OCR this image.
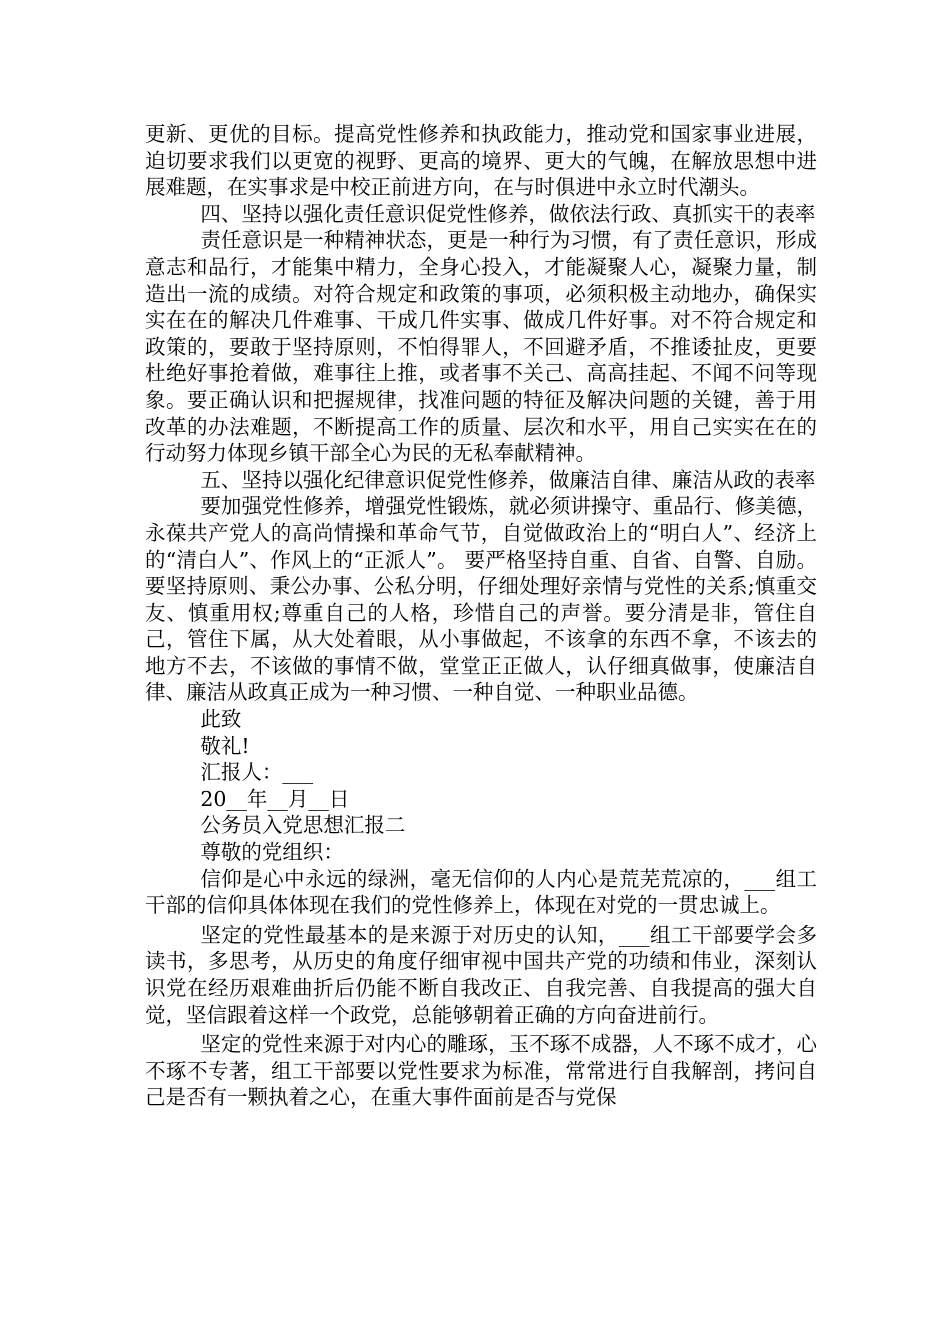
更新、更优的目标。提高党性修养和执政能力，推动党和国家事业进展，迫切要求我们以更宽的视野、更高的境界、更大的气魄，在解放思想中进展难题，在实事求是中校正前进方向，在与时俱进中永立时代潮头。

四、坚持以强化责任意识促党性修养，做依法行政、真抓实干的表率

责任意识是一种精神状态，更是一种行为习惯，有了责任意识，形成意志和品行，才能集中精力，全身心投入，才能凝聚人心，凝聚力量，制造出一流的成绩。对符合规定和政策的事项，必须积极主动地办，确保实实在在的解决几件难事、干成几件实事、做成几件好事。对不符合规定和政策的，要敢于坚持原则，不怕得罪人，不回避矛盾，不推诿扯皮，更要杜绝好事抢着做，难事往上推，或者事不关己、高高挂起、不闻不问等现象。要正确认识和把握规律，找准问题的特征及解决问题的关键，善于用改革的办法难题，不断提高工作的质量、层次和水平，用自己实实在在的行动努力体现乡镇干部全心为民的无私奉献精神。

五、坚持以强化纪律意识促党性修养，做廉洁自律、廉洁从政的表率

要加强党性修养，增强党性锻炼，就必须讲操守、重品行、修美德，永葆共产党人的高尚情操和革命气节，自觉做政治上的“明白人”、经济上的“清白人”、作风上的“正派人”。 要严格坚持自重、自省、自警、自励。要坚持原则、秉公办事、公私分明，仔细处理好亲情与党性的关系;慎重交友、慎重用权;尊重自己的人格，珍惜自己的声誉。要分清是非，管住自己，管住下属，从大处着眼，从小事做起，不该拿的东西不拿，不该去的地方不去，不该做的事情不做，堂堂正正做人，认仔细真做事，使廉洁自律、廉洁从政真正成为一种习惯、一种自觉、一种职业品德。

此致

敬礼!

汇报人：___

20__年__月__日

公务员入党思想汇报二

尊敬的党组织：

信仰是心中永远的绿洲，毫无信仰的人内心是荒芜荒凉的，___组工干部的信仰具体体现在我们的党性修养上，体现在对党的一贯忠诚上。

坚定的党性最基本的是来源于对历史的认知，___组工干部要学会多读书，多思考，从历史的角度仔细审视中国共产党的功绩和伟业，深刻认识党在经历艰难曲折后仍能不断自我改正、自我完善、自我提高的强大自觉，坚信跟着这样一个政党，总能够朝着正确的方向奋进前行。

坚定的党性来源于对内心的雕琢，玉不琢不成器，人不琢不成才，心不琢不专著，组工干部要以党性要求为标准，常常进行自我解剖，拷问自己是否有一颗执着之心，在重大事件面前是否与党保
